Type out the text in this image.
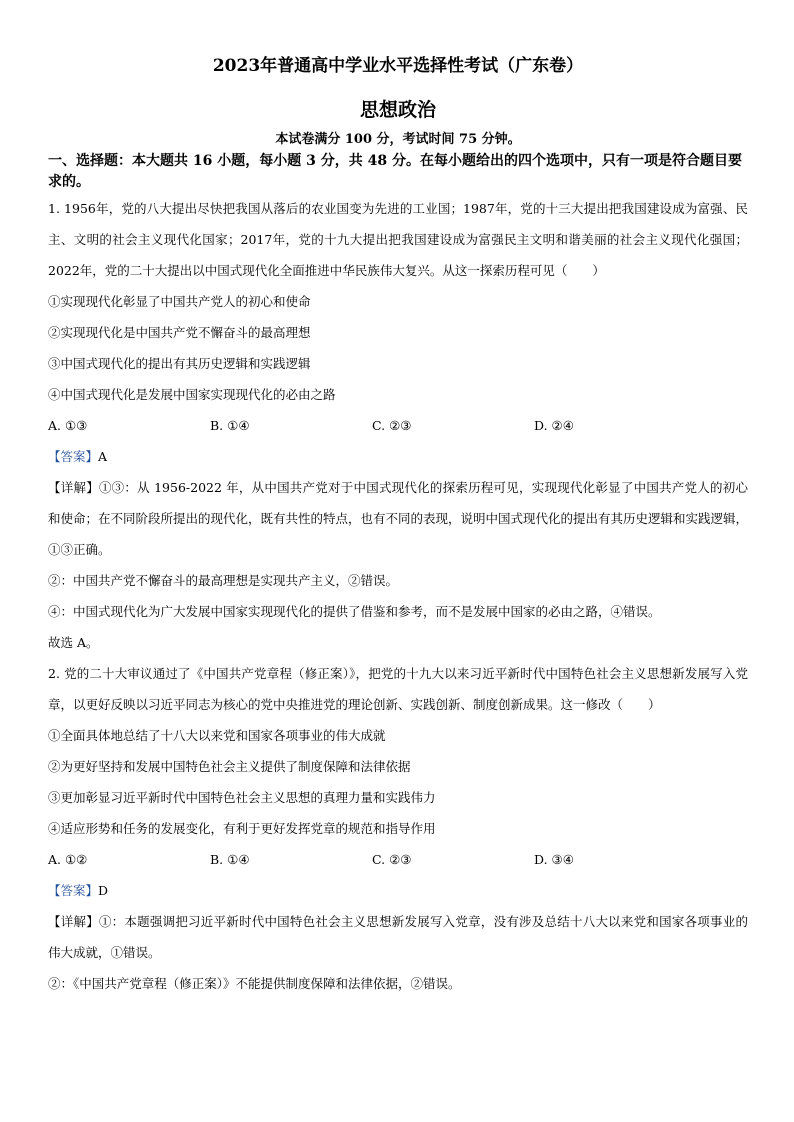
2023年普通高中学业水平选择性考试（广东卷）
思想政治
本试卷满分 100 分，考试时间 75 分钟。
一、选择题：本大题共 16 小题，每小题 3 分，共 48 分。在每小题给出的四个选项中，只有一项是符合题目要求的。
1. 1956年，党的八大提出尽快把我国从落后的农业国变为先进的工业国；1987年，党的十三大提出把我国建设成为富强、民主、文明的社会主义现代化国家；2017年，党的十九大提出把我国建设成为富强民主文明和谐美丽的社会主义现代化强国；2022年，党的二十大提出以中国式现代化全面推进中华民族伟大复兴。从这一探索历程可见（　　）
①实现现代化彰显了中国共产党人的初心和使命
②实现现代化是中国共产党不懈奋斗的最高理想
③中国式现代化的提出有其历史逻辑和实践逻辑
④中国式现代化是发展中国家实现现代化的必由之路
A. ①③	B. ①④	C. ②③	D. ②④
【答案】A
【详解】①③：从 1956-2022 年，从中国共产党对于中国式现代化的探索历程可见，实现现代化彰显了中国共产党人的初心和使命；在不同阶段所提出的现代化，既有共性的特点，也有不同的表现，说明中国式现代化的提出有其历史逻辑和实践逻辑，①③正确。
②：中国共产党不懈奋斗的最高理想是实现共产主义，②错误。
④：中国式现代化为广大发展中国家实现现代化的提供了借鉴和参考，而不是发展中国家的必由之路，④错误。
故选 A。
2. 党的二十大审议通过了《中国共产党章程（修正案）》，把党的十九大以来习近平新时代中国特色社会主义思想新发展写入党章，以更好反映以习近平同志为核心的党中央推进党的理论创新、实践创新、制度创新成果。这一修改（　　）
①全面具体地总结了十八大以来党和国家各项事业的伟大成就
②为更好坚持和发展中国特色社会主义提供了制度保障和法律依据
③更加彰显习近平新时代中国特色社会主义思想的真理力量和实践伟力
④适应形势和任务的发展变化，有利于更好发挥党章的规范和指导作用
A. ①②	B. ①④	C. ②③	D. ③④
【答案】D
【详解】①：本题强调把习近平新时代中国特色社会主义思想新发展写入党章，没有涉及总结十八大以来党和国家各项事业的伟大成就，①错误。
②：《中国共产党章程（修正案）》不能提供制度保障和法律依据，②错误。
